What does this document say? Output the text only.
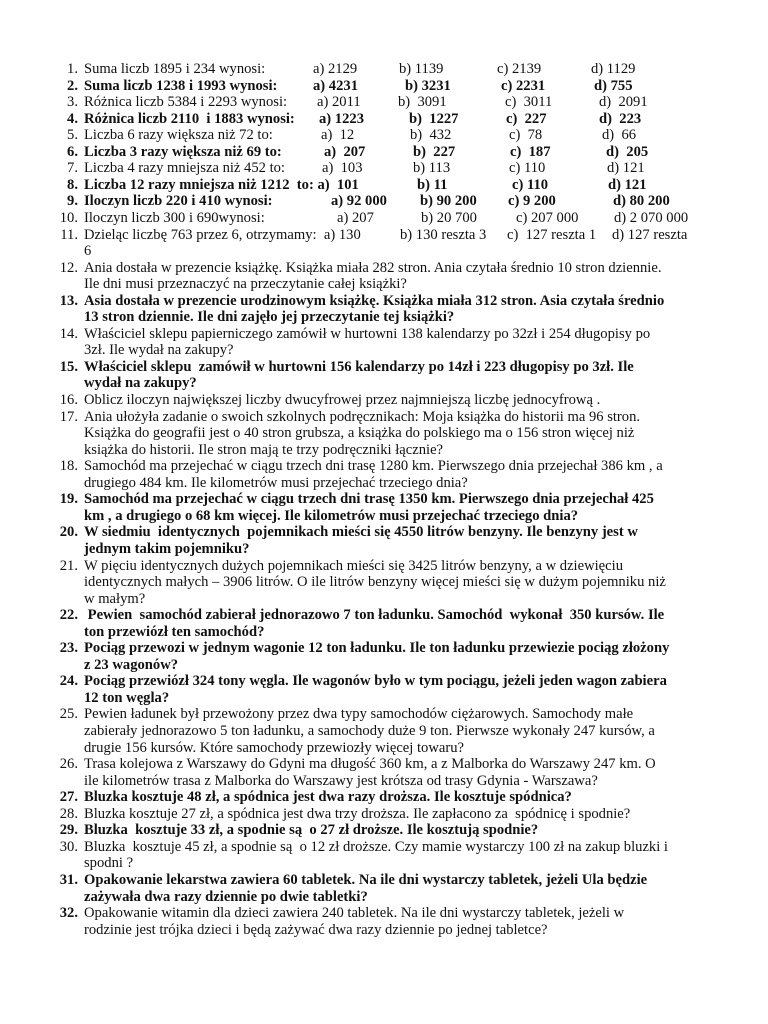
1. Suma liczb 1895 i 234 wynosi:	a) 2129	b) 1139	c) 2139	d) 1129
2. Suma liczb 1238 i 1993 wynosi: a) 4231	b) 3231	c) 2231	d) 755
3. Różnica liczb 5384 i 2293 wynosi: a) 2011	b)  3091	c)  3011	d)  2091
4. Różnica liczb 2110  i 1883 wynosi: a) 1223	b)  1227	c)  227	d)  223
5. Liczba 6 razy większa niż 72 to:	a)  12	b)  432	c)  78	d)  66
6. Liczba 3 razy większa niż 69 to:	a)  207	b)  227	c)  187	d)  205
7. Liczba 4 razy mniejsza niż 452 to:	a)  103	b) 113	c) 110	d) 121
8. Liczba 12 razy mniejsza niż 1212  to: a)  101	b) 11	c) 110	d) 121
9. Iloczyn liczb 220 i 410 wynosi:	a) 92 000 b) 90 200 c) 9 200	d) 80 200
10. Iloczyn liczb 300 i 690wynosi:	a) 207	b) 20 700	c) 207 000 d) 2 070 000
11. Dzieląc liczbę 763 przez 6, otrzymamy:  a) 130	b) 130 reszta 3 c)  127 reszta 1 d) 127 reszta
6
12. Ania dostała w prezencie książkę. Książka miała 282 stron. Ania czytała średnio 10 stron dziennie.
Ile dni musi przeznaczyć na przeczytanie całej książki?
13. Asia dostała w prezencie urodzinowym książkę. Książka miała 312 stron. Asia czytała średnio
13 stron dziennie. Ile dni zajęło jej przeczytanie tej książki?
14. Właściciel sklepu papierniczego zamówił w hurtowni 138 kalendarzy po 32zł i 254 długopisy po
3zł. Ile wydał na zakupy?
15. Właściciel sklepu  zamówił w hurtowni 156 kalendarzy po 14zł i 223 długopisy po 3zł. Ile
wydał na zakupy?
16. Oblicz iloczyn największej liczby dwucyfrowej przez najmniejszą liczbę jednocyfrową .
17. Ania ułożyła zadanie o swoich szkolnych podręcznikach: Moja książka do historii ma 96 stron.
Książka do geografii jest o 40 stron grubsza, a książka do polskiego ma o 156 stron więcej niż
książka do historii. Ile stron mają te trzy podręczniki łącznie?
18. Samochód ma przejechać w ciągu trzech dni trasę 1280 km. Pierwszego dnia przejechał 386 km , a
drugiego 484 km. Ile kilometrów musi przejechać trzeciego dnia?
19. Samochód ma przejechać w ciągu trzech dni trasę 1350 km. Pierwszego dnia przejechał 425
km , a drugiego o 68 km więcej. Ile kilometrów musi przejechać trzeciego dnia?
20. W siedmiu  identycznych  pojemnikach mieści się 4550 litrów benzyny. Ile benzyny jest w
jednym takim pojemniku?
21. W pięciu identycznych dużych pojemnikach mieści się 3425 litrów benzyny, a w dziewięciu
identycznych małych – 3906 litrów. O ile litrów benzyny więcej mieści się w dużym pojemniku niż
w małym?
22. Pewien  samochód zabierał jednorazowo 7 ton ładunku. Samochód  wykonał  350 kursów. Ile
ton przewiózł ten samochód?
23. Pociąg przewozi w jednym wagonie 12 ton ładunku. Ile ton ładunku przewiezie pociąg złożony
z 23 wagonów?
24. Pociąg przewiózł 324 tony węgla. Ile wagonów było w tym pociągu, jeżeli jeden wagon zabiera
12 ton węgla?
25. Pewien ładunek był przewożony przez dwa typy samochodów ciężarowych. Samochody małe
zabierały jednorazowo 5 ton ładunku, a samochody duże 9 ton. Pierwsze wykonały 247 kursów, a
drugie 156 kursów. Które samochody przewiozły więcej towaru?
26. Trasa kolejowa z Warszawy do Gdyni ma długość 360 km, a z Malborka do Warszawy 247 km. O
ile kilometrów trasa z Malborka do Warszawy jest krótsza od trasy Gdynia - Warszawa?
27. Bluzka kosztuje 48 zł, a spódnica jest dwa razy droższa. Ile kosztuje spódnica?
28. Bluzka kosztuje 27 zł, a spódnica jest dwa trzy droższa. Ile zapłacono za  spódnicę i spodnie?
29. Bluzka  kosztuje 33 zł, a spodnie są  o 27 zł droższe. Ile kosztują spodnie?
30. Bluzka  kosztuje 45 zł, a spodnie są  o 12 zł droższe. Czy mamie wystarczy 100 zł na zakup bluzki i
spodni ?
31. Opakowanie lekarstwa zawiera 60 tabletek. Na ile dni wystarczy tabletek, jeżeli Ula będzie
zażywała dwa razy dziennie po dwie tabletki?
32. Opakowanie witamin dla dzieci zawiera 240 tabletek. Na ile dni wystarczy tabletek, jeżeli w
rodzinie jest trójka dzieci i będą zażywać dwa razy dziennie po jednej tabletce?
